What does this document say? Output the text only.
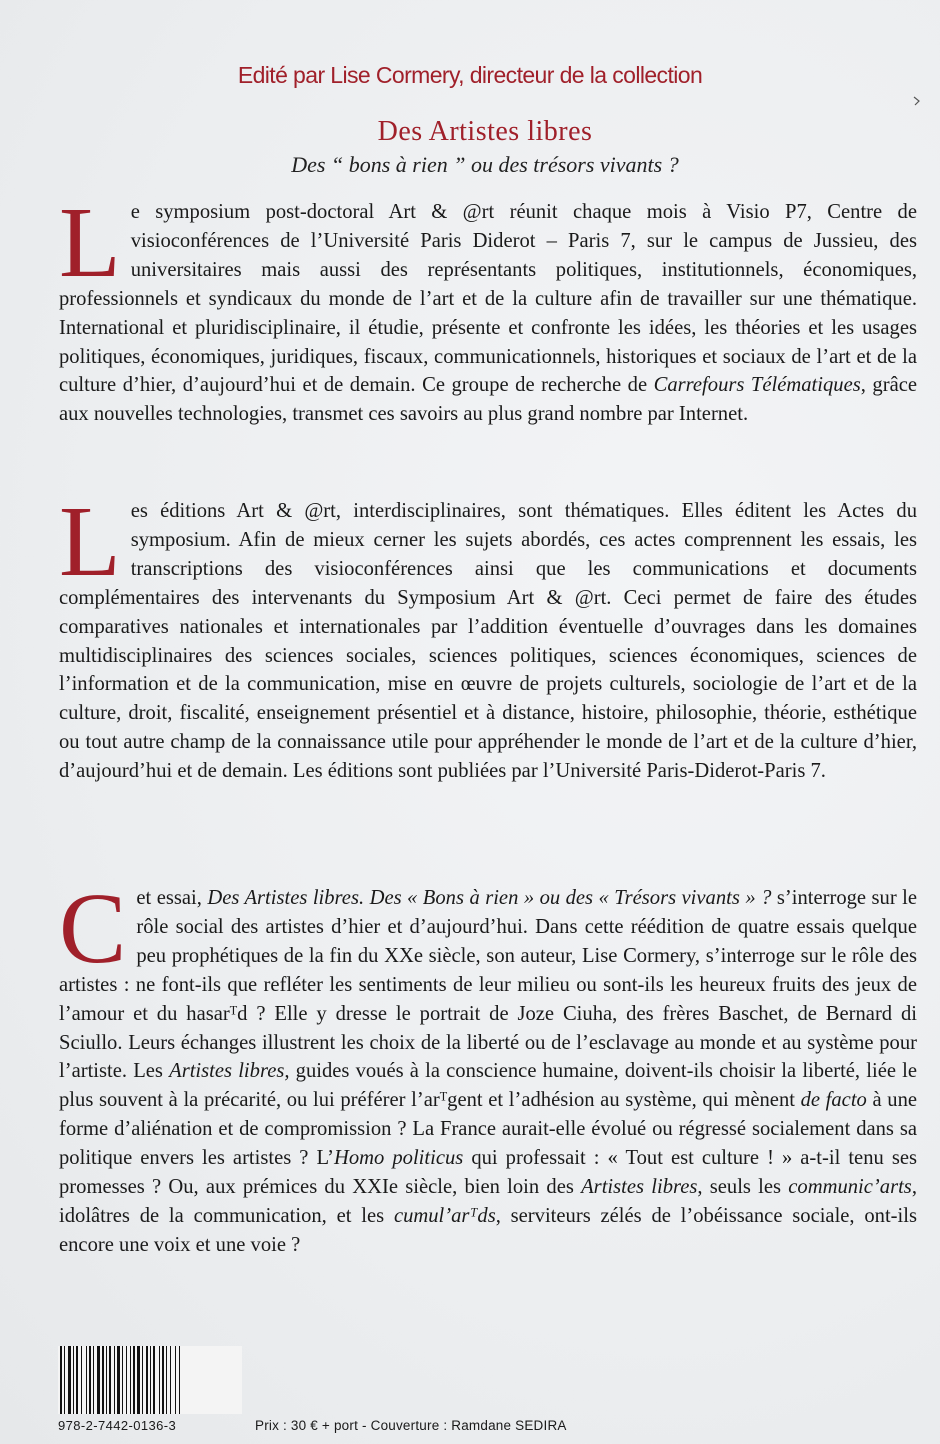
Edité par Lise Cormery, directeur de la collection
Des Artistes libres
Des “ bons à rien ” ou des trésors vivants ?
Le symposium post-doctoral Art & @rt réunit chaque mois à Visio P7, Centre de visioconférences de l’Université Paris Diderot – Paris 7, sur le campus de Jussieu, des universitaires mais aussi des représentants politiques, institutionnels, économiques, professionnels et syndicaux du monde de l’art et de la culture afin de travailler sur une thématique. International et pluridisciplinaire, il étudie, présente et confronte les idées, les théories et les usages politiques, économiques, juridiques, fiscaux, communicationnels, historiques et sociaux de l’art et de la culture d’hier, d’aujourd’hui et de demain. Ce groupe de recherche de Carrefours Télématiques, grâce aux nouvelles technologies, transmet ces savoirs au plus grand nombre par Internet.
Les éditions Art & @rt, interdisciplinaires, sont thématiques. Elles éditent les Actes du symposium. Afin de mieux cerner les sujets abordés, ces actes comprennent les essais, les transcriptions des visioconférences ainsi que les communications et documents complémentaires des intervenants du Symposium Art & @rt. Ceci permet de faire des études comparatives nationales et internationales par l’addition éventuelle d’ouvrages dans les domaines multidisciplinaires des sciences sociales, sciences politiques, sciences économiques, sciences de l’information et de la communication, mise en œuvre de projets culturels, sociologie de l’art et de la culture, droit, fiscalité, enseignement présentiel et à distance, histoire, philosophie, théorie, esthétique ou tout autre champ de la connaissance utile pour appréhender le monde de l’art et de la culture d’hier, d’aujourd’hui et de demain. Les éditions sont publiées par l’Université Paris-Diderot-Paris 7.
Cet essai, Des Artistes libres. Des « Bons à rien » ou des « Trésors vivants » ? s’interroge sur le rôle social des artistes d’hier et d’aujourd’hui. Dans cette réédition de quatre essais quelque peu prophétiques de la fin du XXe siècle, son auteur, Lise Cormery, s’interroge sur le rôle des artistes : ne font-ils que refléter les sentiments de leur milieu ou sont-ils les heureux fruits des jeux de l’amour et du hasarᵀd ? Elle y dresse le portrait de Joze Ciuha, des frères Baschet, de Bernard di Sciullo. Leurs échanges illustrent les choix de la liberté ou de l’esclavage au monde et au système pour l’artiste. Les Artistes libres, guides voués à la conscience humaine, doivent-ils choisir la liberté, liée le plus souvent à la précarité, ou lui préférer l’arᵀgent et l’adhésion au système, qui mènent de facto à une forme d’aliénation et de compromission ? La France aurait-elle évolué ou régressé socialement dans sa politique envers les artistes ? L’Homo politicus qui professait : « Tout est culture ! » a-t-il tenu ses promesses ? Ou, aux prémices du XXIe siècle, bien loin des Artistes libres, seuls les communic’arts, idolâtres de la communication, et les cumul’arᵀds, serviteurs zélés de l’obéissance sociale, ont-ils encore une voix et une voie ?
978-2-7442-0136-3	Prix : 30 € + port - Couverture : Ramdane SEDIRA
